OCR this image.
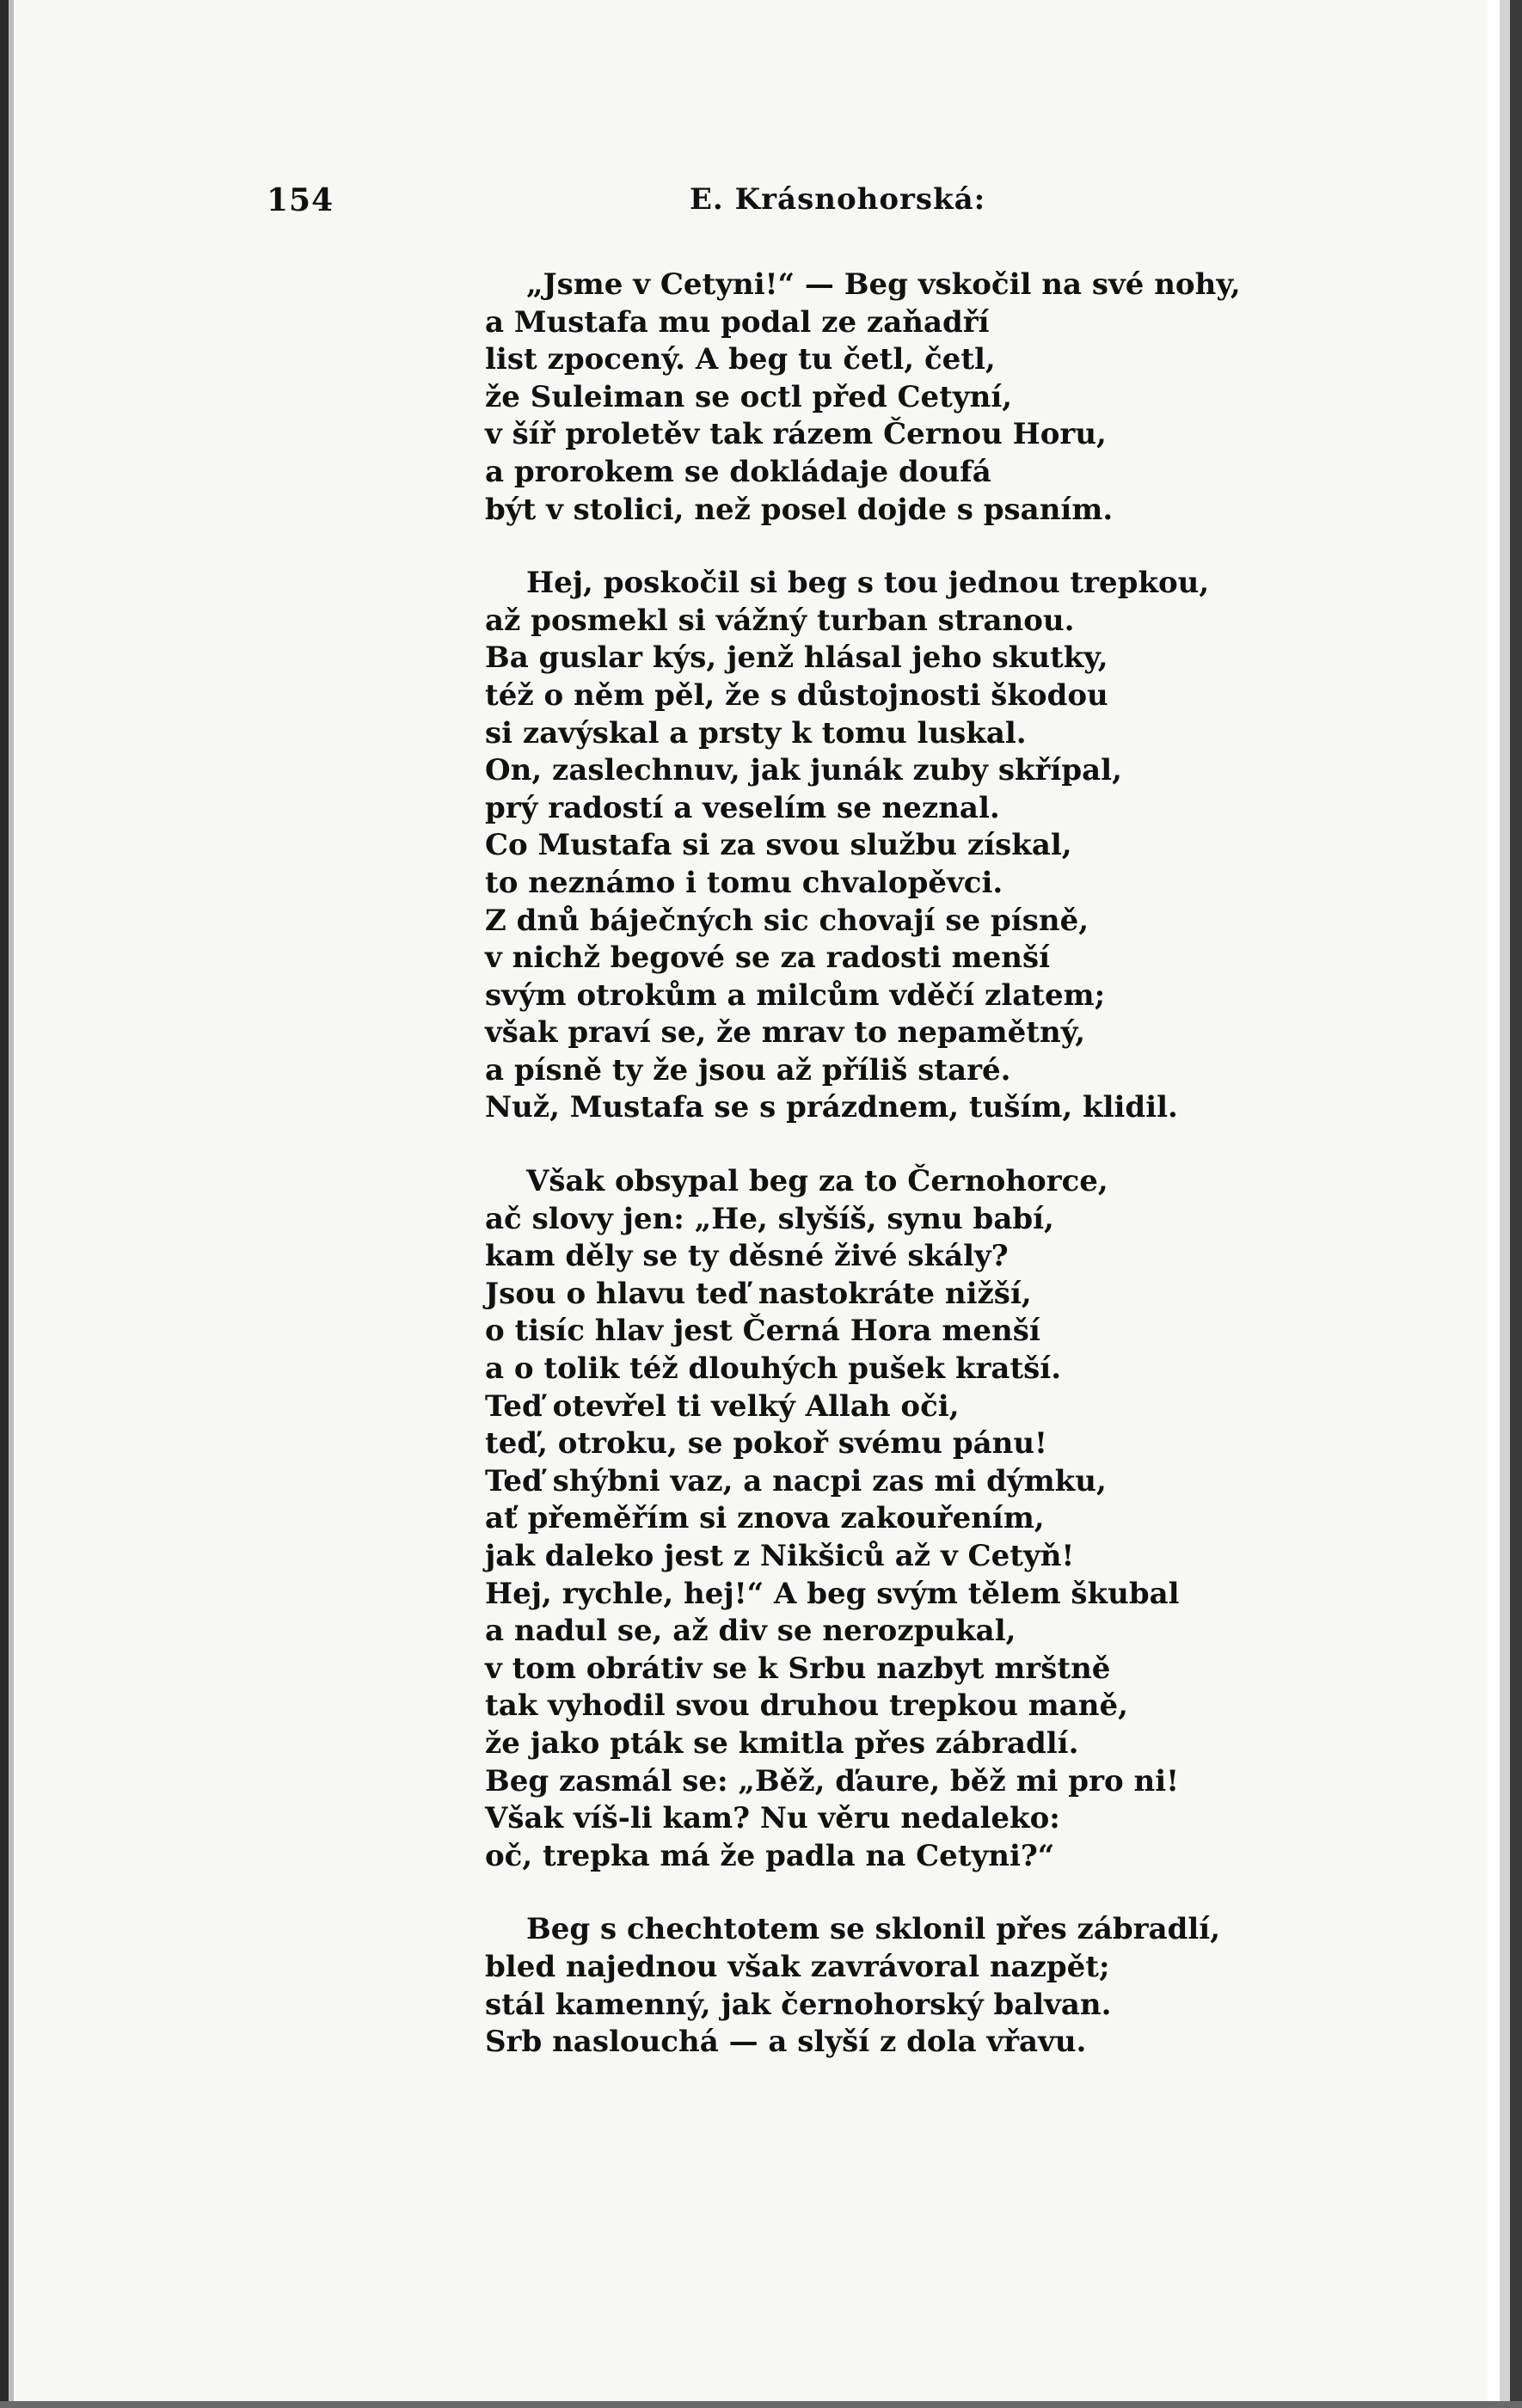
154	E. Krásnohorská:
„Jsme v Cetyni!“ — Beg vskočil na své nohy,
a Mustafa mu podal ze zaňadří
list zpocený. A beg tu četl, četl,
že Suleiman se octl před Cetyní,
v šíř proletěv tak rázem Černou Horu,
a prorokem se dokládaje doufá
být v stolici, než posel dojde s psaním.
Hej, poskočil si beg s tou jednou trepkou,
až posmekl si vážný turban stranou.
Ba guslar kýs, jenž hlásal jeho skutky,
též o něm pěl, že s důstojnosti škodou
si zavýskal a prsty k tomu luskal.
On, zaslechnuv, jak junák zuby skřípal,
prý radostí a veselím se neznal.
Co Mustafa si za svou službu získal,
to neznámo i tomu chvalopěvci.
Z dnů báječných sic chovají se písně,
v nichž begové se za radosti menší
svým otrokům a milcům vděčí zlatem;
však praví se, že mrav to nepamětný,
a písně ty že jsou až příliš staré.
Nuž, Mustafa se s prázdnem, tuším, klidil.
Však obsypal beg za to Černohorce,
ač slovy jen: „He, slyšíš, synu babí,
kam děly se ty děsné živé skály?
Jsou o hlavu teď nastokráte nižší,
o tisíc hlav jest Černá Hora menší
a o tolik též dlouhých pušek kratší.
Teď otevřel ti velký Allah oči,
teď, otroku, se pokoř svému pánu!
Teď shýbni vaz, a nacpi zas mi dýmku,
ať přeměřím si znova zakouřením,
jak daleko jest z Nikšiců až v Cetyň!
Hej, rychle, hej!“ A beg svým tělem škubal
a nadul se, až div se nerozpukal,
v tom obrátiv se k Srbu nazbyt mrštně
tak vyhodil svou druhou trepkou maně,
že jako pták se kmitla přes zábradlí.
Beg zasmál se: „Běž, ďaure, běž mi pro ni!
Však víš-li kam? Nu věru nedaleko:
oč, trepka má že padla na Cetyni?“
Beg s chechtotem se sklonil přes zábradlí,
bled najednou však zavrávoral nazpět;
stál kamenný, jak černohorský balvan.
Srb naslouchá — a slyší z dola vřavu.
